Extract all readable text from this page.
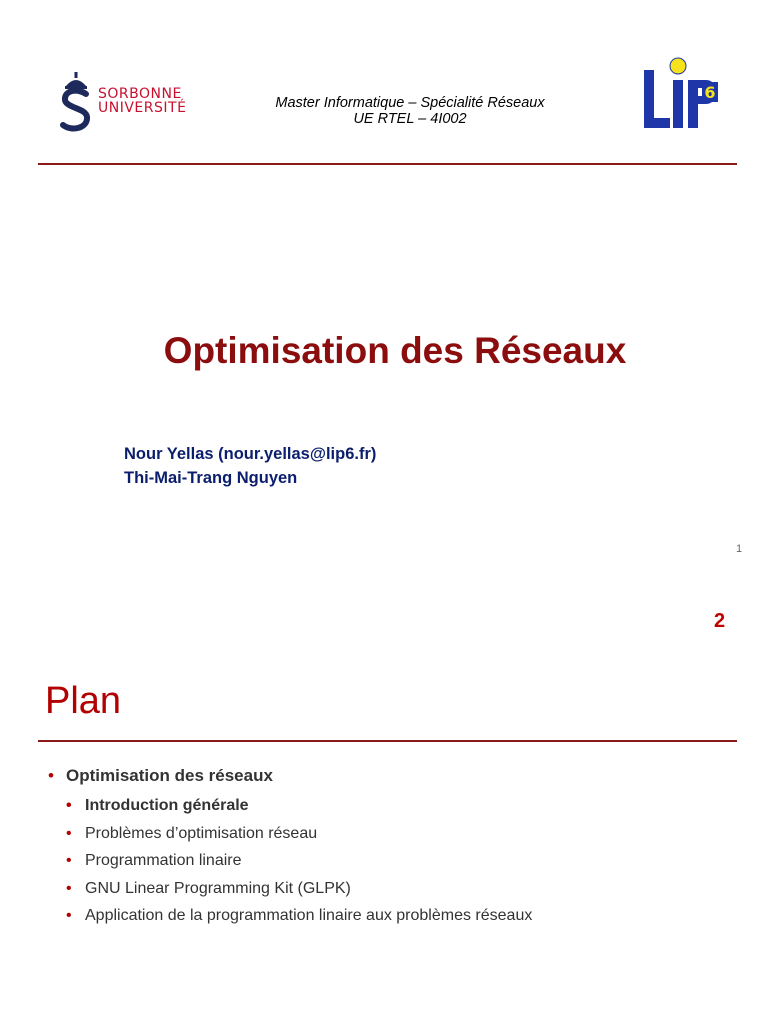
SORBONNE
UNIVERSITÉ	Master Informatique – Spécialité Réseaux
UE RTEL – 4I002
6
Optimisation des Réseaux
Nour Yellas (nour.yellas@lip6.fr)
Thi-Mai-Trang Nguyen
1
2
Plan
• Optimisation des réseaux
• Introduction générale
• Problèmes d’optimisation réseau
• Programmation linaire
• GNU Linear Programming Kit (GLPK)
• Application de la programmation linaire aux problèmes réseaux
